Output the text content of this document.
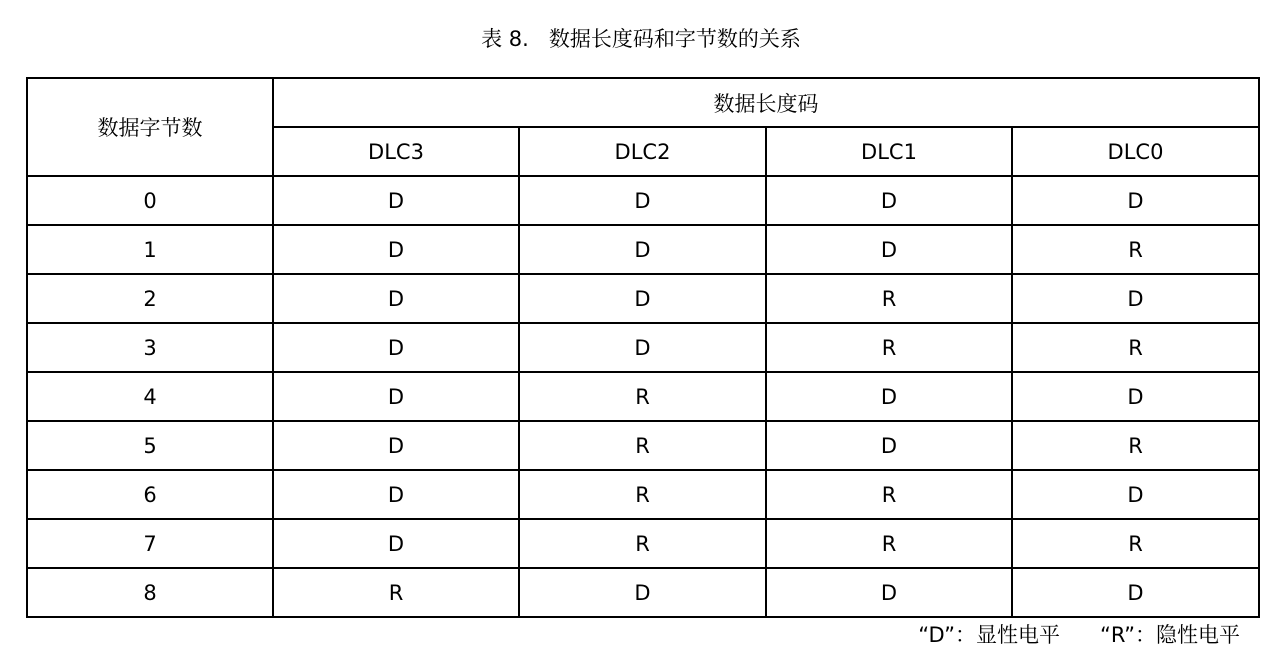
表 8.   数据长度码和字节数的关系
数据字节数	数据长度码			
	DLC3	DLC2	DLC1	DLC0
0	D	D	D	D
1	D	D	D	R
2	D	D	R	D
3	D	D	R	R
4	D	R	D	D
5	D	R	D	R
6	D	R	R	D
7	D	R	R	R
8	R	D	D	D
“D”：显性电平 “R”：隐性电平
